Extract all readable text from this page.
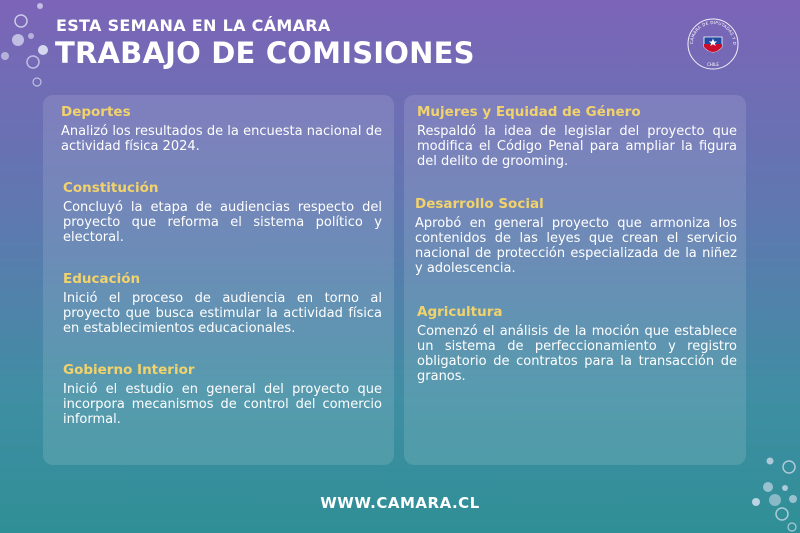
ESTA SEMANA EN LA CÁMARA
TRABAJO DE COMISIONES	CÁMARA DE DIPUTADAS Y D
CHILE
Deportes
Analizó los resultados de la encuesta nacional de actividad física 2024.
Constitución
Concluyó la etapa de audiencias respecto del proyecto que reforma el sistema político y electoral.
Educación
Inició el proceso de audiencia en torno al proyecto que busca estimular la actividad física en establecimientos educacionales.
Gobierno Interior
Inició el estudio en general del proyecto que incorpora mecanismos de control del comercio informal.
Mujeres y Equidad de Género
Respaldó la idea de legislar del proyecto que modifica el Código Penal para ampliar la figura del delito de grooming.
Desarrollo Social
Aprobó en general proyecto que armoniza los contenidos de las leyes que crean el servicio nacional de protección especializada de la niñez y adolescencia.
Agricultura
Comenzó el análisis de la moción que establece un sistema de perfeccionamiento y registro obligatorio de contratos para la transacción de granos.
WWW.CAMARA.CL
